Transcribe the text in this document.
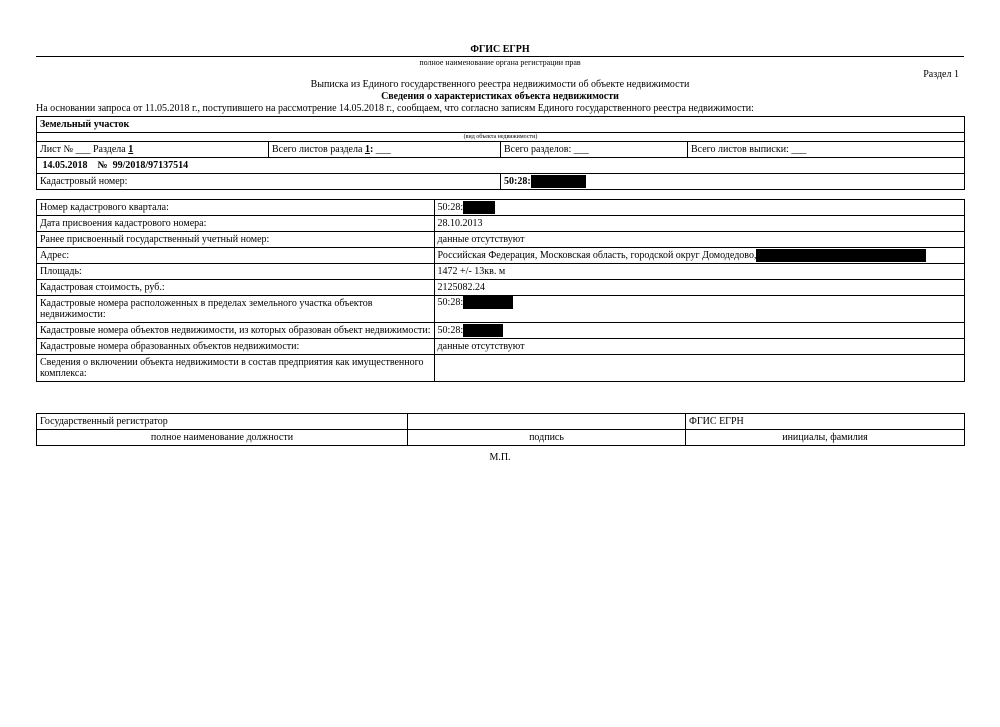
ФГИС ЕГРН
полное наименование органа регистрации прав
Раздел 1
Выписка из Единого государственного реестра недвижимости об объекте недвижимости
Сведения о характеристиках объекта недвижимости
На основании запроса от 11.05.2018 г., поступившего на рассмотрение 14.05.2018 г., сообщаем, что согласно записям Единого государственного реестра недвижимости:
Земельный участок			
(вид объекта недвижимости)			
Лист № ___ Раздела 1	Всего листов раздела 1: ___	Всего разделов: ___	Всего листов выписки: ___
14.05.2018 № 99/2018/97137514			
Кадастровый номер:		50:28:	
Номер кадастрового квартала:	50:28:
Дата присвоения кадастрового номера:	28.10.2013
Ранее присвоенный государственный учетный номер:	данные отсутствуют
Адрес:	Российская Федерация, Московская область, городской округ Домодедово,
Площадь:	1472 +/- 13кв. м
Кадастровая стоимость, руб.:	2125082.24
Кадастровые номера расположенных в пределах земельного участка объектов недвижимости:	50:28:
Кадастровые номера объектов недвижимости, из которых образован объект недвижимости:	50:28:
Кадастровые номера образованных объектов недвижимости:	данные отсутствуют
Сведения о включении объекта недвижимости в состав предприятия как имущественного комплекса:	
Государственный регистратор		ФГИС ЕГРН
полное наименование должности	подпись	инициалы, фамилия
М.П.
